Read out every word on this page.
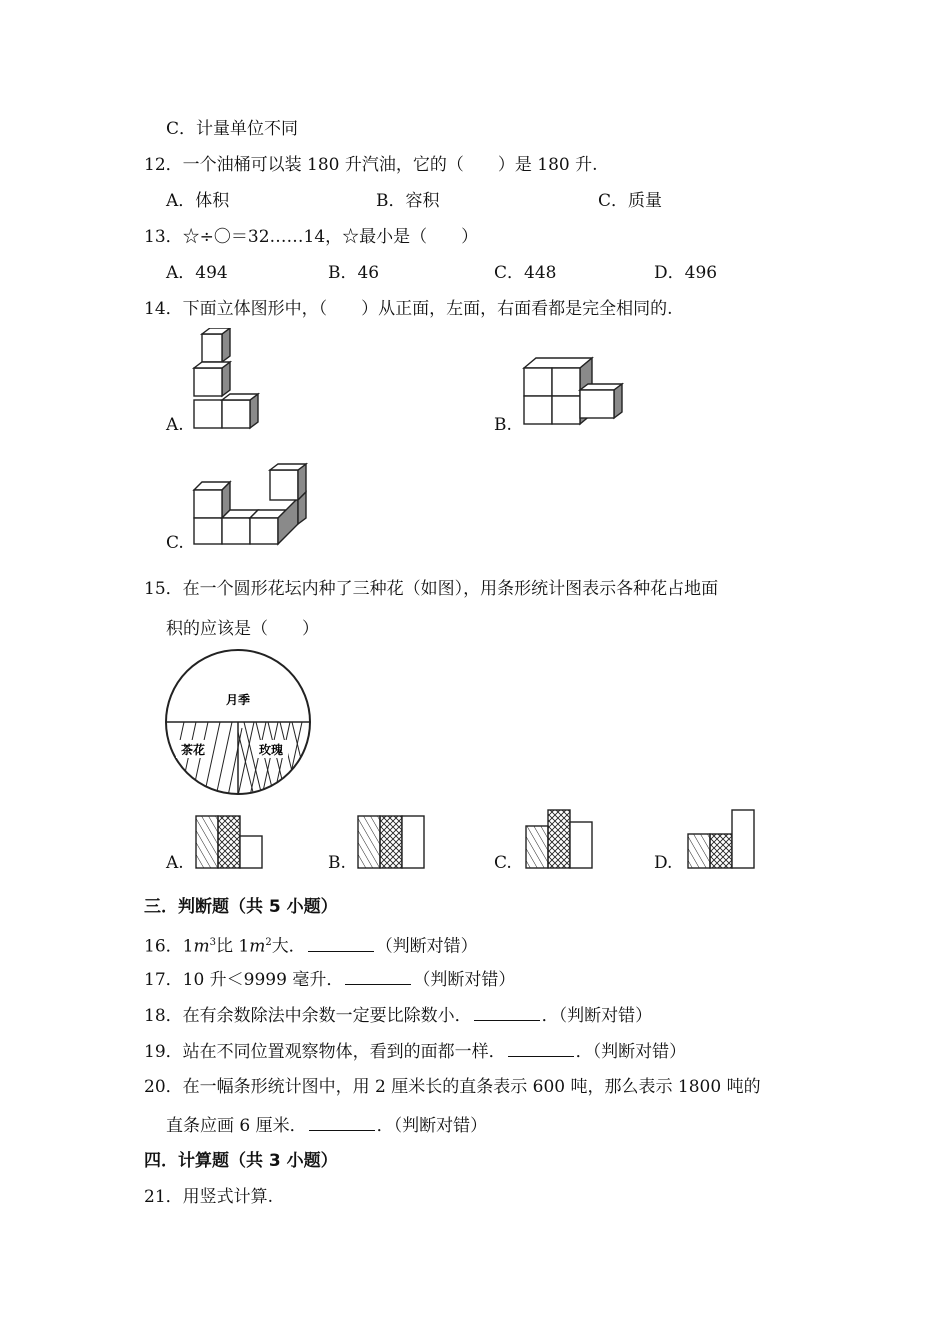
C．计量单位不同
12．一个油桶可以装 180 升汽油，它的（　　）是 180 升.
A．体积	B．容积	C．质量
13．☆÷〇＝32……14，☆最小是（　　）
A．494	B．46	C．448	D．496
14．下面立体图形中，（　　）从正面，左面，右面看都是完全相同的.
A.	B.
C.
15．在一个圆形花坛内种了三种花（如图），用条形统计图表示各种花占地面
积的应该是（　　）
月季
茶花	玫瑰
A.	B.	C.	D.
三．判断题（共 5 小题）
16．$1m^3$比 $1m^2$大．	（判断对错）
17．10 升＜9999 毫升．	（判断对错）
18．在有余数除法中余数一定要比除数小．	．（判断对错）
19．站在不同位置观察物体，看到的面都一样．	．（判断对错）
20．在一幅条形统计图中，用 2 厘米长的直条表示 600 吨，那么表示 1800 吨的
直条应画 6 厘米．	．（判断对错）
四．计算题（共 3 小题）
21．用竖式计算.
